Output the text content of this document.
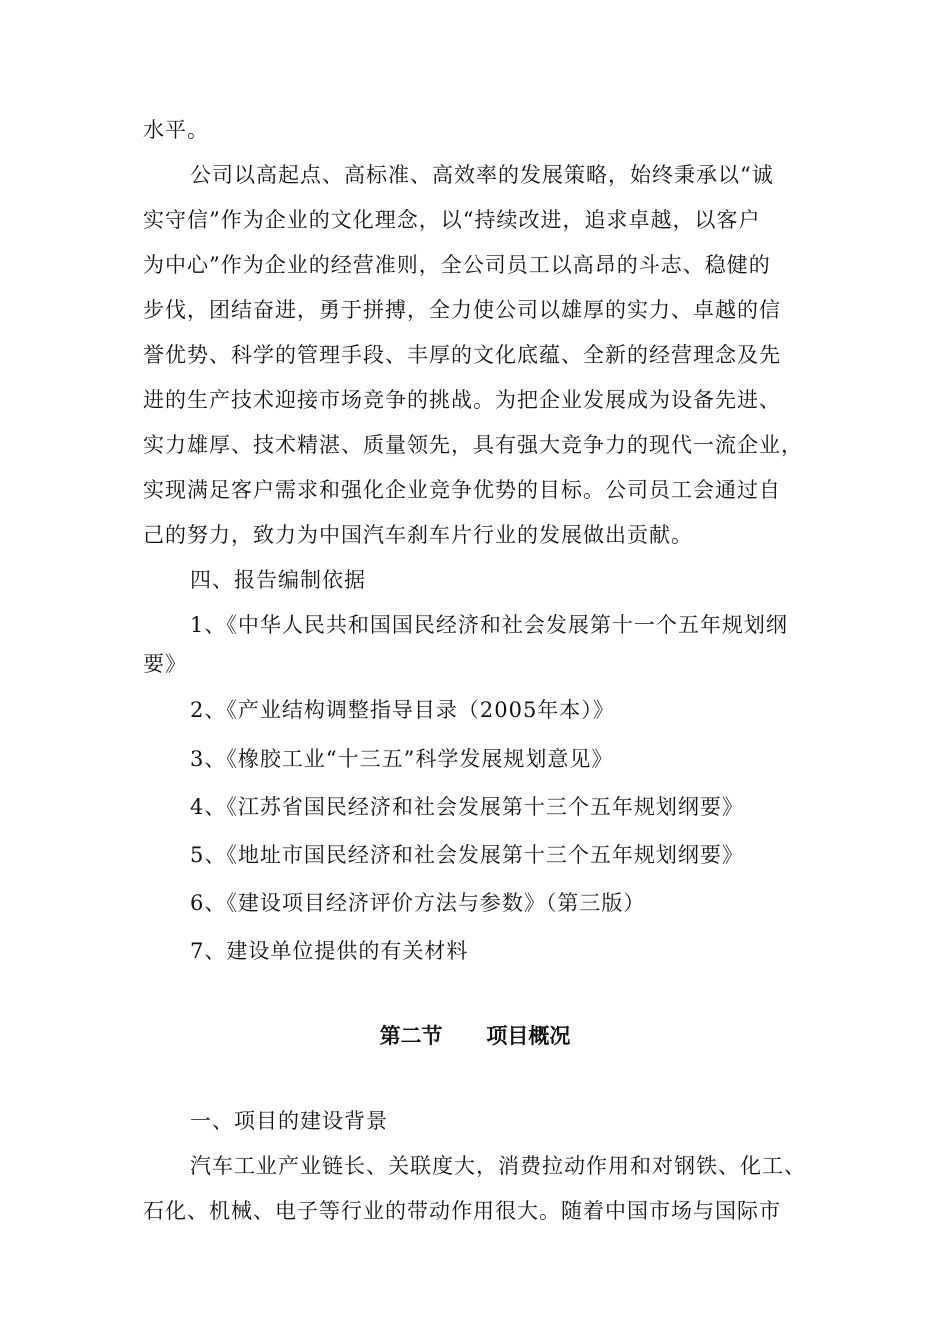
水平。
公司以高起点、高标准、高效率的发展策略，始终秉承以“诚
实守信”作为企业的文化理念，以“持续改进，追求卓越，以客户
为中心”作为企业的经营准则，全公司员工以高昂的斗志、稳健的
步伐，团结奋进，勇于拼搏，全力使公司以雄厚的实力、卓越的信
誉优势、科学的管理手段、丰厚的文化底蕴、全新的经营理念及先
进的生产技术迎接市场竞争的挑战。为把企业发展成为设备先进、
实力雄厚、技术精湛、质量领先，具有强大竞争力的现代一流企业，
实现满足客户需求和强化企业竞争优势的目标。公司员工会通过自
己的努力，致力为中国汽车刹车片行业的发展做出贡献。
四、报告编制依据
1、《中华人民共和国国民经济和社会发展第十一个五年规划纲
要》
2、《产业结构调整指导目录（2005年本）》
3、《橡胶工业“十三五”科学发展规划意见》
4、《江苏省国民经济和社会发展第十三个五年规划纲要》
5、《地址市国民经济和社会发展第十三个五年规划纲要》
6、《建设项目经济评价方法与参数》（第三版）
7、建设单位提供的有关材料
第二节      项目概况
一、项目的建设背景
汽车工业产业链长、关联度大，消费拉动作用和对钢铁、化工、
石化、机械、电子等行业的带动作用很大。随着中国市场与国际市
